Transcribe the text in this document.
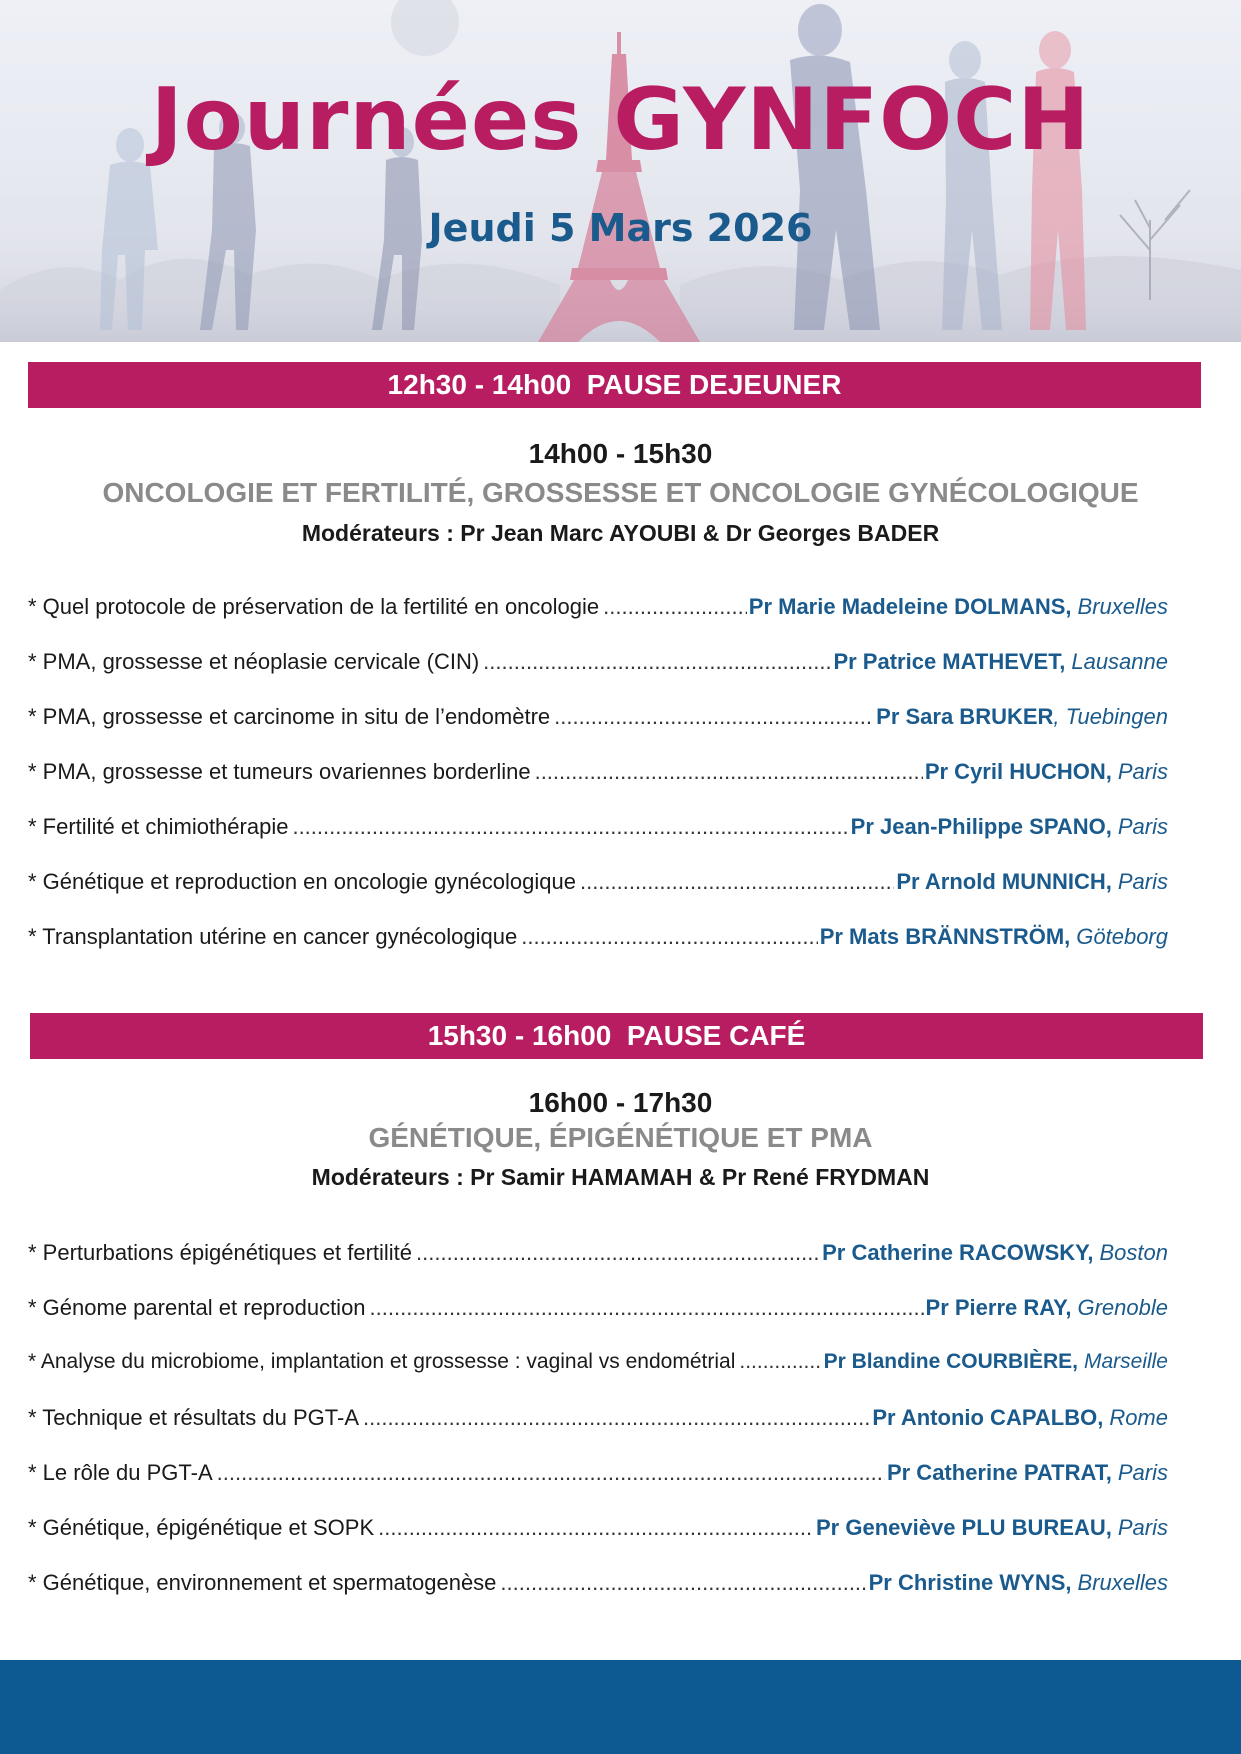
Journées GYNFOCH
Jeudi 5 Mars 2026
12h30 - 14h00  PAUSE DEJEUNER
14h00 - 15h30
ONCOLOGIE ET FERTILITÉ, GROSSESSE ET ONCOLOGIE GYNÉCOLOGIQUE
Modérateurs : Pr Jean Marc AYOUBI & Dr Georges BADER
* Quel protocole de préservation de la fertilité en oncologie .....	Pr Marie Madeleine DOLMANS, Bruxelles
* PMA, grossesse et néoplasie cervicale (CIN) .....	Pr Patrice MATHEVET, Lausanne
* PMA, grossesse et carcinome in situ de l’endomètre .....	Pr Sara BRUKER , Tuebingen
* PMA, grossesse et tumeurs ovariennes borderline .....	Pr Cyril HUCHON, Paris
* Fertilité et chimiothérapie .....	Pr Jean-Philippe SPANO, Paris
* Génétique et reproduction en oncologie gynécologique .....	Pr Arnold MUNNICH, Paris
* Transplantation utérine en cancer gynécologique .....	Pr Mats BRÄNNSTRÖM, Göteborg
15h30 - 16h00  PAUSE CAFÉ
16h00 - 17h30
GÉNÉTIQUE, ÉPIGÉNÉTIQUE ET PMA
Modérateurs : Pr Samir HAMAMAH & Pr René FRYDMAN
* Perturbations épigénétiques et fertilité .....	Pr Catherine RACOWSKY, Boston
* Génome parental et reproduction .....	Pr Pierre RAY, Grenoble
* Analyse du microbiome, implantation et grossesse : vaginal vs endométrial .....	Pr Blandine COURBIÈRE, Marseille
* Technique et résultats du PGT-A .....	Pr Antonio CAPALBO, Rome
* Le rôle du PGT-A .....	Pr Catherine PATRAT, Paris
* Génétique, épigénétique et SOPK .....	Pr Geneviève PLU BUREAU, Paris
* Génétique, environnement et spermatogenèse .....	Pr Christine WYNS, Bruxelles
